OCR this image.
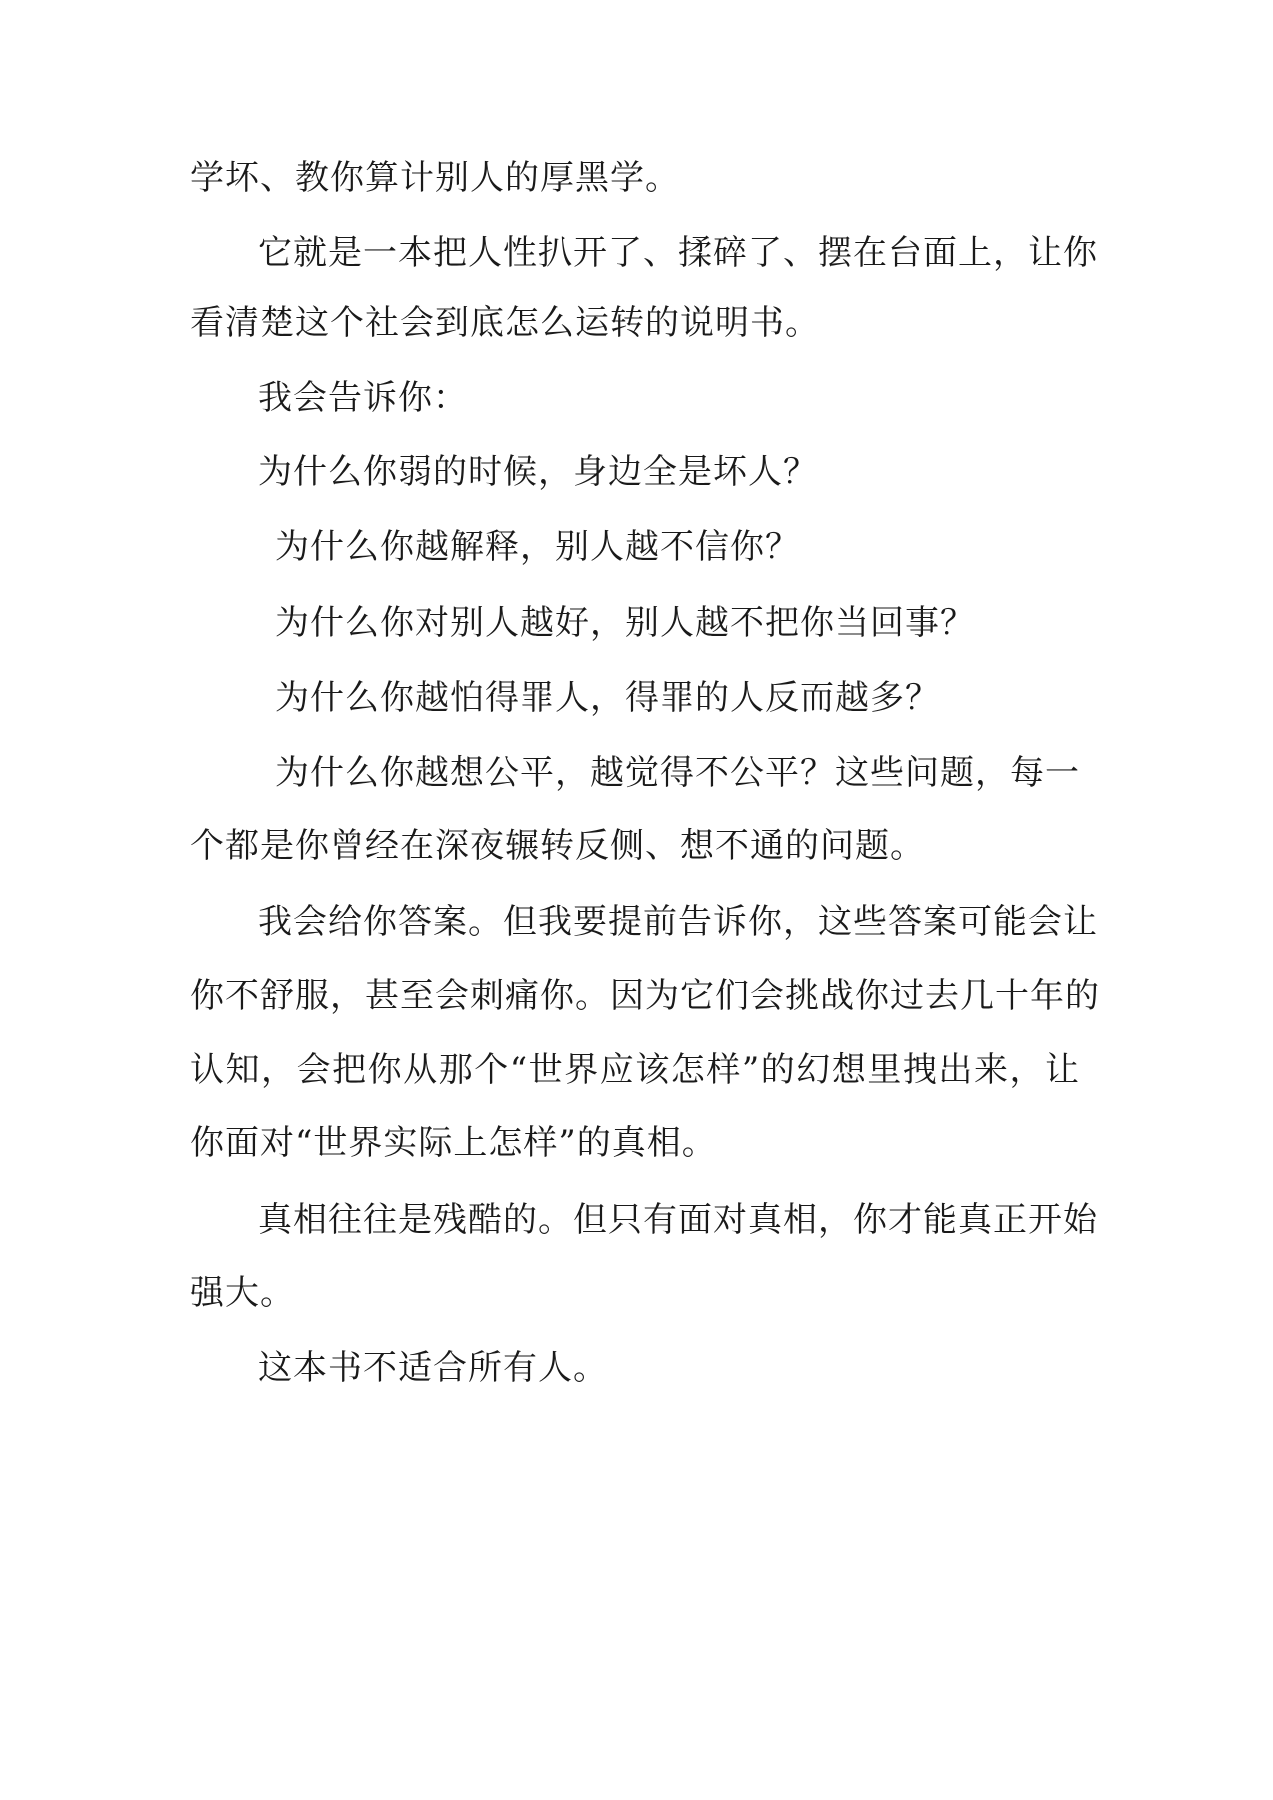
学坏、教你算计别人的厚黑学。

它就是一本把人性扒开了、揉碎了、摆在台面上，让你

看清楚这个社会到底怎么运转的说明书。

我会告诉你：

为什么你弱的时候，身边全是坏人？

为什么你越解释，别人越不信你？

为什么你对别人越好，别人越不把你当回事？

为什么你越怕得罪人，得罪的人反而越多？

为什么你越想公平，越觉得不公平？这些问题，每一

个都是你曾经在深夜辗转反侧、想不通的问题。

我会给你答案。但我要提前告诉你，这些答案可能会让

你不舒服，甚至会刺痛你。因为它们会挑战你过去几十年的

认知，会把你从那个“世界应该怎样”的幻想里拽出来，让

你面对“世界实际上怎样”的真相。

真相往往是残酷的。但只有面对真相，你才能真正开始

强大。

这本书不适合所有人。
